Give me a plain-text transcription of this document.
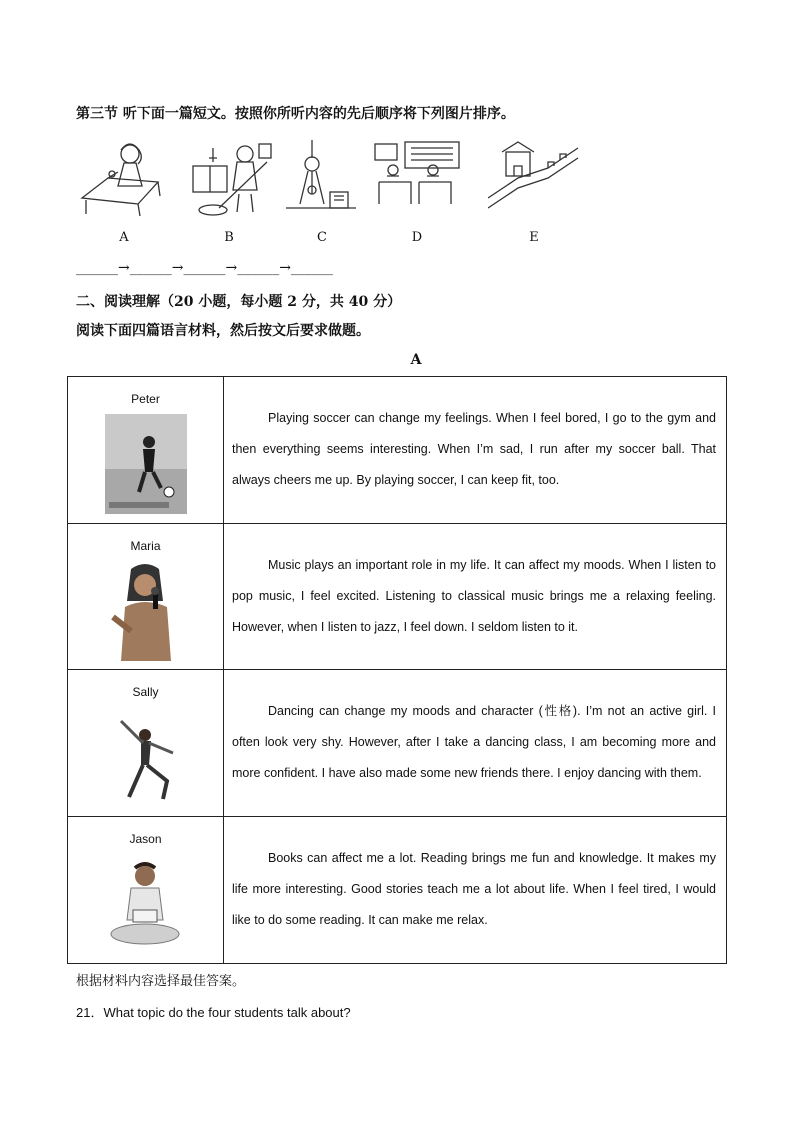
第三节 听下面一篇短文。按照你所听内容的先后顺序将下列图片排序。
A	B	C	D	E
______→______→______→______→______
二、阅读理解（20 小题，每小题 2 分，共 40 分）
阅读下面四篇语言材料，然后按文后要求做题。
A
Peter	Playing soccer can change my feelings. When I feel bored, I go to the gym and then everything seems interesting. When I’m sad, I run after my soccer ball. That always cheers me up. By playing soccer, I can keep fit, too.

Maria	Music plays an important role in my life. It can affect my moods. When I listen to pop music, I feel excited. Listening to classical music brings me a relaxing feeling. However, when I listen to jazz, I feel down. I seldom listen to it.

Sally	Dancing can change my moods and character (性格). I’m not an active girl. I often look very shy. However, after I take a dancing class, I am becoming more and more confident. I have also made some new friends there. I enjoy dancing with them.

Jason	Books can affect me a lot. Reading brings me fun and knowledge. It makes my life more interesting. Good stories teach me a lot about life. When I feel tired, I would like to do some reading. It can make me relax.

根据材料内容选择最佳答案。
21．What topic do the four students talk about?
